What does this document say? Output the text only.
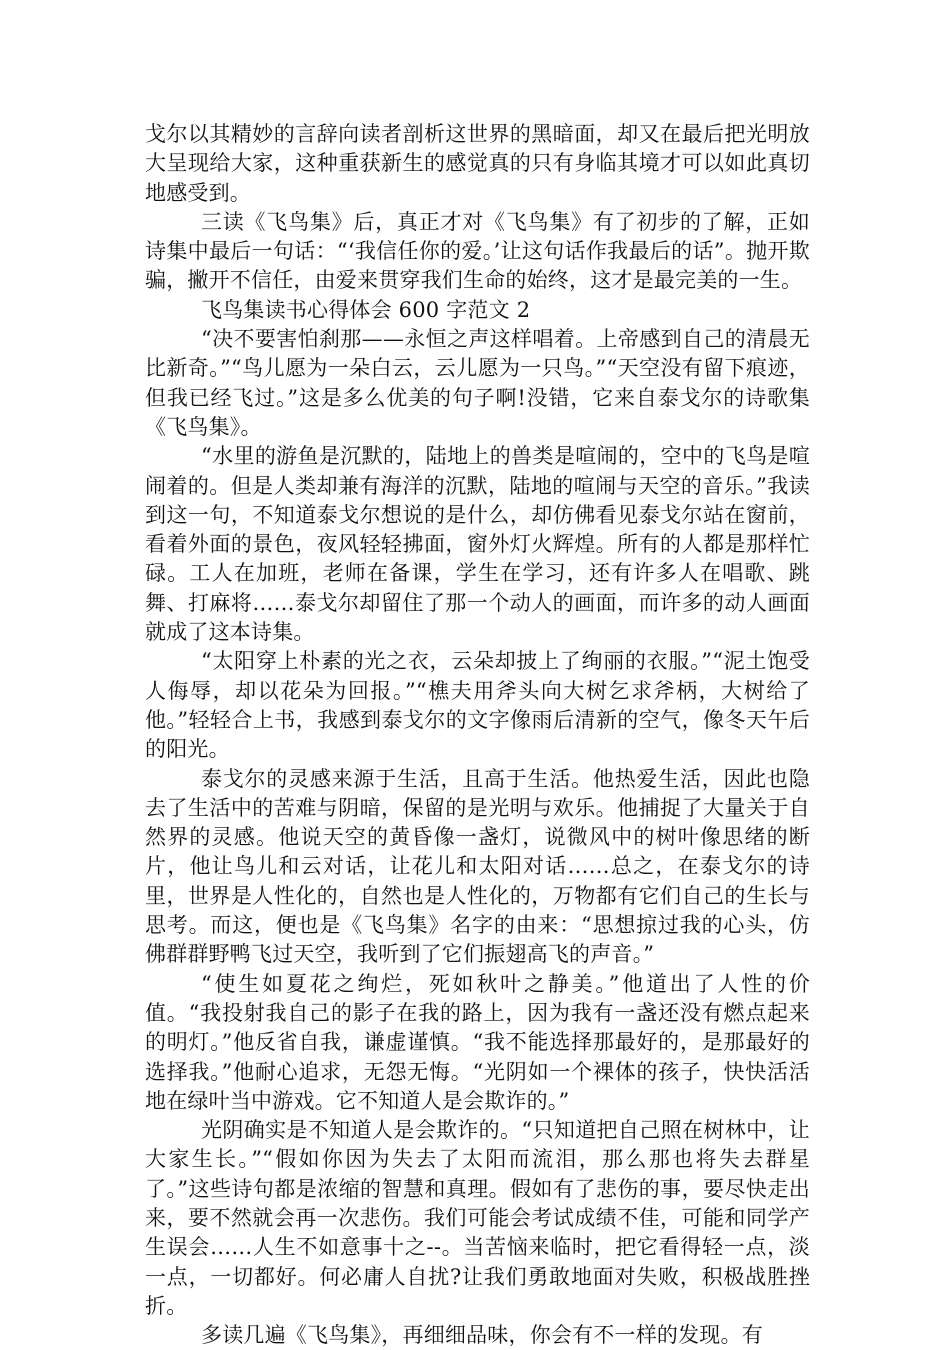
戈尔以其精妙的言辞向读者剖析这世界的黑暗面，却又在最后把光明放大呈现给大家，这种重获新生的感觉真的只有身临其境才可以如此真切地感受到。

三读《飞鸟集》后，真正才对《飞鸟集》有了初步的了解，正如诗集中最后一句话：“‘我信任你的爱。’让这句话作我最后的话”。抛开欺骗，撇开不信任，由爱来贯穿我们生命的始终，这才是最完美的一生。

飞鸟集读书心得体会 600 字范文 2

“决不要害怕刹那——永恒之声这样唱着。上帝感到自己的清晨无比新奇。”“鸟儿愿为一朵白云，云儿愿为一只鸟。”“天空没有留下痕迹，但我已经飞过。”这是多么优美的句子啊!没错，它来自泰戈尔的诗歌集《飞鸟集》。

“水里的游鱼是沉默的，陆地上的兽类是喧闹的，空中的飞鸟是喧闹着的。但是人类却兼有海洋的沉默，陆地的喧闹与天空的音乐。”我读到这一句，不知道泰戈尔想说的是什么，却仿佛看见泰戈尔站在窗前，看着外面的景色，夜风轻轻拂面，窗外灯火辉煌。所有的人都是那样忙碌。工人在加班，老师在备课，学生在学习，还有许多人在唱歌、跳舞、打麻将……泰戈尔却留住了那一个动人的画面，而许多的动人画面就成了这本诗集。

“太阳穿上朴素的光之衣，云朵却披上了绚丽的衣服。”“泥土饱受人侮辱，却以花朵为回报。”“樵夫用斧头向大树乞求斧柄，大树给了他。”轻轻合上书，我感到泰戈尔的文字像雨后清新的空气，像冬天午后的阳光。

泰戈尔的灵感来源于生活，且高于生活。他热爱生活，因此也隐去了生活中的苦难与阴暗，保留的是光明与欢乐。他捕捉了大量关于自然界的灵感。他说天空的黄昏像一盏灯，说微风中的树叶像思绪的断片，他让鸟儿和云对话，让花儿和太阳对话……总之，在泰戈尔的诗里，世界是人性化的，自然也是人性化的，万物都有它们自己的生长与思考。而这，便也是《飞鸟集》名字的由来：“思想掠过我的心头，仿佛群群野鸭飞过天空，我听到了它们振翅高飞的声音。”

“使生如夏花之绚烂，死如秋叶之静美。”他道出了人性的价值。“我投射我自己的影子在我的路上，因为我有一盏还没有燃点起来的明灯。”他反省自我，谦虚谨慎。“我不能选择那最好的，是那最好的选择我。”他耐心追求，无怨无悔。“光阴如一个裸体的孩子，快快活活地在绿叶当中游戏。它不知道人是会欺诈的。”

光阴确实是不知道人是会欺诈的。“只知道把自己照在树林中，让大家生长。”“假如你因为失去了太阳而流泪，那么那也将失去群星了。”这些诗句都是浓缩的智慧和真理。假如有了悲伤的事，要尽快走出来，要不然就会再一次悲伤。我们可能会考试成绩不佳，可能和同学产生误会……人生不如意事十之--。当苦恼来临时，把它看得轻一点，淡一点，一切都好。何必庸人自扰?让我们勇敢地面对失败，积极战胜挫折。

多读几遍《飞鸟集》，再细细品味，你会有不一样的发现。有
